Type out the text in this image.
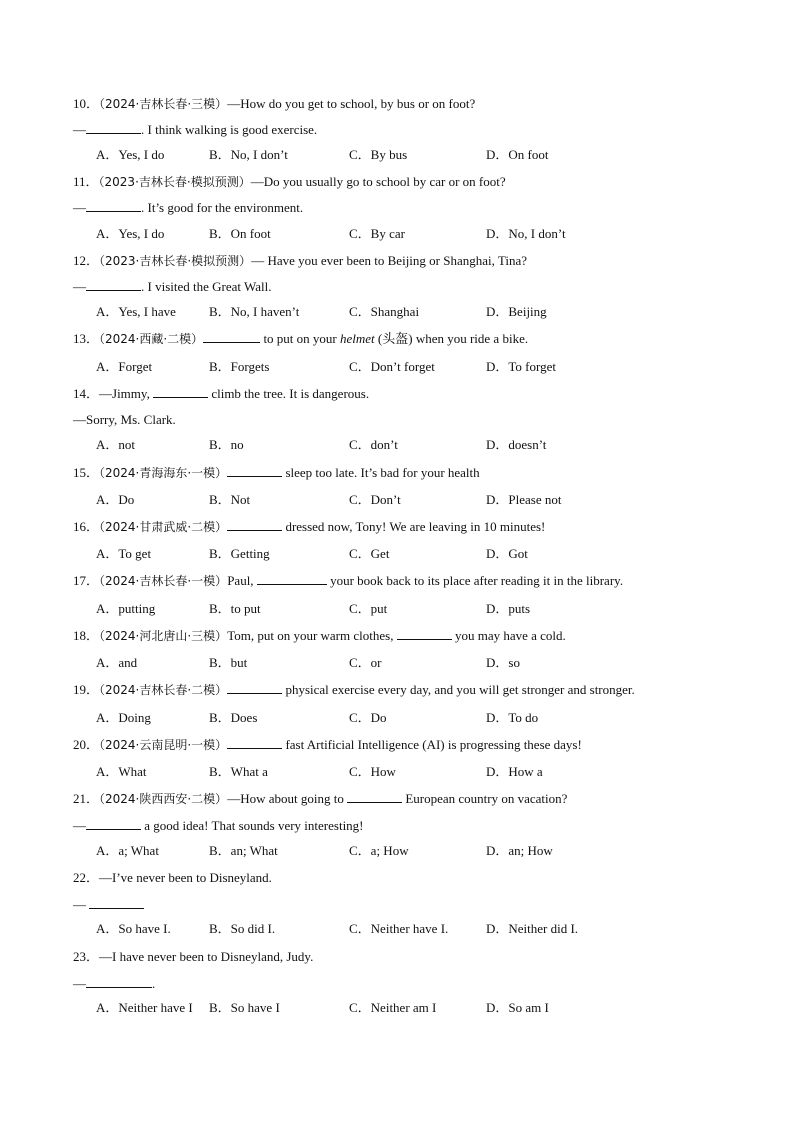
10．（2024·吉林长春·三模）—How do you get to school, by bus or on foot?
—	. I think walking is good exercise.
A．Yes, I do	B．No, I don’t	C．By bus	D．On foot
11．（2023·吉林长春·模拟预测）—Do you usually go to school by car or on foot?
—	. It’s good for the environment.
A．Yes, I do	B．On foot	C．By car	D．No, I don’t
12．（2023·吉林长春·模拟预测）— Have you ever been to Beijing or Shanghai, Tina?
—	. I visited the Great Wall.
A．Yes, I have	B．No, I haven’t	C．Shanghai	D．Beijing
13．（2024·西藏·二模）	to put on your helmet (头盔) when you ride a bike.
A．Forget	B．Forgets	C．Don’t forget	D．To forget
14．—Jimmy,	climb the tree. It is dangerous.
—Sorry, Ms. Clark.
A．not	B．no	C．don’t	D．doesn’t
15．（2024·青海海东·一模）	sleep too late. It’s bad for your health
A．Do	B．Not	C．Don’t	D．Please not
16．（2024·甘肃武威·二模）	dressed now, Tony! We are leaving in 10 minutes!
A．To get	B．Getting	C．Get	D．Got
17．（2024·吉林长春·一模）Paul,	your book back to its place after reading it in the library.
A．putting	B．to put	C．put	D．puts
18．（2024·河北唐山·三模）Tom, put on your warm clothes,	you may have a cold.
A．and	B．but	C．or	D．so
19．（2024·吉林长春·二模）	physical exercise every day, and you will get stronger and stronger.
A．Doing	B．Does	C．Do	D．To do
20．（2024·云南昆明·一模）	fast Artificial Intelligence (AI) is progressing these days!
A．What	B．What a	C．How	D．How a
21．（2024·陕西西安·二模）—How about going to	European country on vacation?
—	a good idea! That sounds very interesting!
A．a; What	B．an; What	C．a; How	D．an; How
22．—I’ve never been to Disneyland.
—
A．So have I.	B．So did I.	C．Neither have I.	D．Neither did I.
23．—I have never been to Disneyland, Judy.
—	.
A．Neither have I B．So have I	C．Neither am I	D．So am I
